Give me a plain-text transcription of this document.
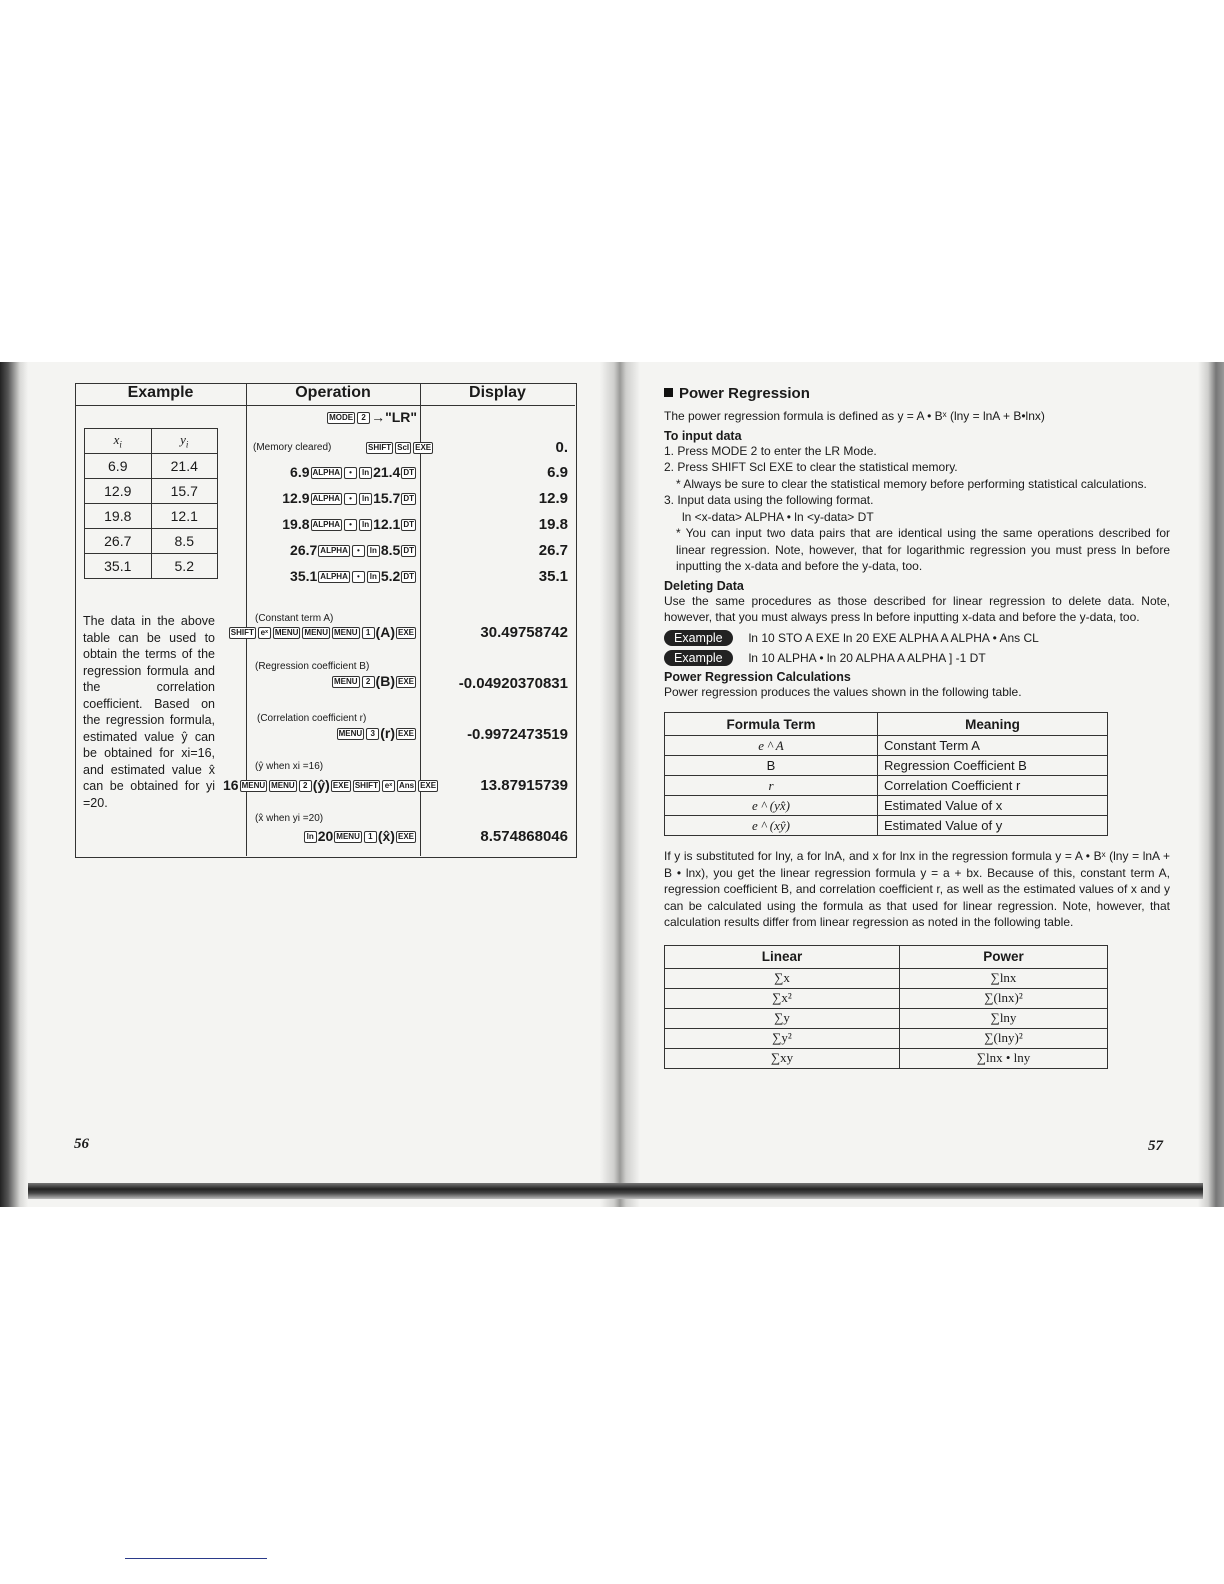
Example	Operation	Display
$x_i$	$y_i$
6.9	21.4
12.9	15.7
19.8	12.1
26.7	8.5
35.1	5.2
MODE 2 →"LR"
(Memory cleared)	SHIFT Scl EXE	0.
6.9 ALPHA • ln 21.4 DT	6.9
12.9 ALPHA • ln 15.7 DT	12.9
19.8 ALPHA • ln 12.1 DT	19.8
26.7 ALPHA • ln 8.5 DT	26.7
35.1 ALPHA • ln 5.2 DT	35.1
The data in the above table can be used to obtain the terms of the regression formula and the correlation coefficient. Based on the regression formula, estimated value ŷ can be obtained for xi=16, and estimated value x̂ can be obtained for yi =20.
(Constant term A)
SHIFT eˣ MENU MENU MENU 1 (A) EXE	30.49758742
(Regression coefficient B)
MENU 2 (B) EXE	-0.04920370831
(Correlation coefficient r)
MENU 3 (r) EXE	-0.9972473519
(ŷ when xi =16)
16 MENU MENU 2 (ŷ) EXE SHIFT eˣ Ans EXE	13.87915739
(x̂ when yi =20)
ln 20 MENU 1 (x̂) EXE	8.574868046
56
Power Regression

The power regression formula is defined as y = A • Bˣ (lny = lnA + B•lnx)

To input data

1. Press MODE 2 to enter the LR Mode.

2. Press SHIFT Scl EXE to clear the statistical memory.

* Always be sure to clear the statistical memory before performing statistical calculations.

3. Input data using the following format.

ln <x-data> ALPHA • ln <y-data> DT

* You can input two data pairs that are identical using the same operations described for linear regression. Note, however, that for logarithmic regression you must press ln before inputting the x-data and before the y-data, too.

Deleting Data

Use the same procedures as those described for linear regression to delete data. Note, however, that you must always press ln before inputting x-data and before the y-data, too.

Example	ln 10 STO A EXE ln 20 EXE ALPHA A ALPHA • Ans CL
Example	ln 10 ALPHA • ln 20 ALPHA A ALPHA ] -1 DT
Power Regression Calculations

Power regression produces the values shown in the following table.

Formula Term	Meaning
e ^ A	Constant Term A
B	Regression Coefficient B
r	Correlation Coefficient r
e ^ (yx̂)	Estimated Value of x
e ^ (xŷ)	Estimated Value of y

If y is substituted for lny, a for lnA, and x for lnx in the regression formula y = A • Bˣ (lny = lnA + B • lnx), you get the linear regression formula y = a + bx. Because of this, constant term A, regression coefficient B, and correlation coefficient r, as well as the estimated values of x and y can be calculated using the formula as that used for linear regression. Note, however, that calculation results differ from linear regression as noted in the following table.

Linear	Power
∑x	∑lnx
∑x²	∑(lnx)²
∑y	∑lny
∑y²	∑(lny)²
∑xy	∑lnx • lny
57
